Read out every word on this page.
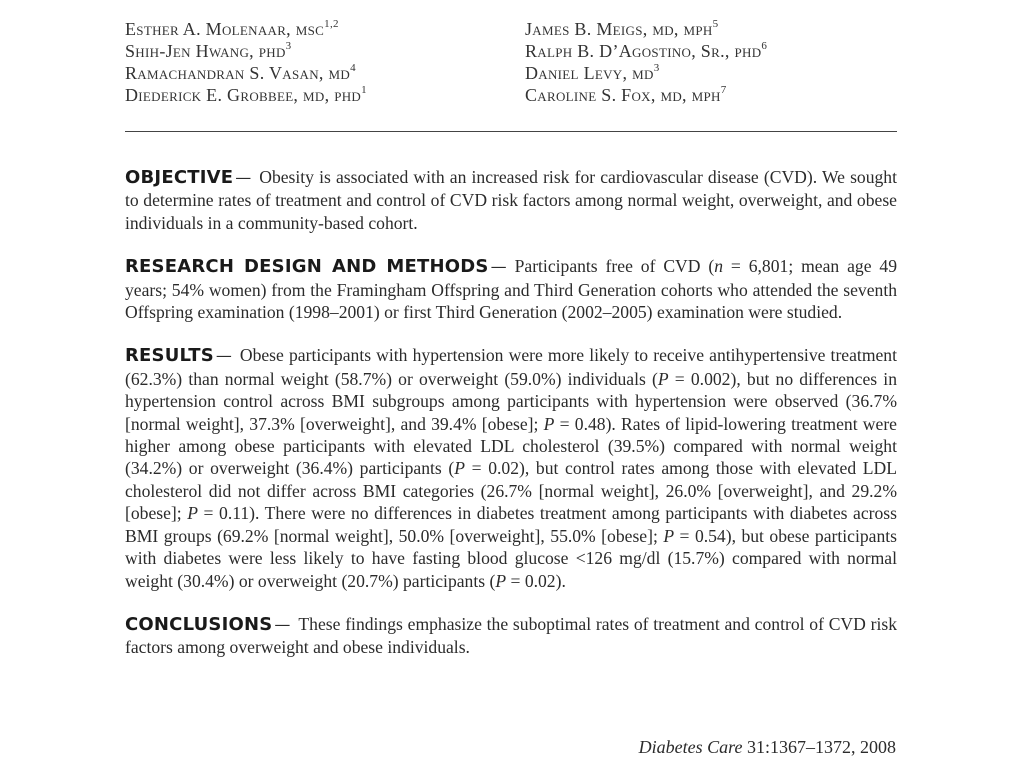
Esther A. Molenaar, msc$^{1,2}$
Shih-Jen Hwang, phd$^3$
Ramachandran S. Vasan, $md^4$
Diederick E. Grobbee, md, phd$^1$
James B. Meigs, md, mph$^5$
Ralph B. D’Agostino, Sr., phd$^6$
Daniel Levy, $md^3$
Caroline S. Fox, md, mph$^7$

OBJECTIVE — Obesity is associated with an increased risk for cardiovascular disease (CVD). We sought to determine rates of treatment and control of CVD risk factors among normal weight, overweight, and obese individuals in a community-based cohort.

RESEARCH DESIGN AND METHODS — Participants free of CVD (n = 6,801; mean age 49 years; 54% women) from the Framingham Offspring and Third Generation cohorts who attended the seventh Offspring examination (1998–2001) or first Third Generation (2002–2005) examination were studied.

RESULTS — Obese participants with hypertension were more likely to receive antihypertensive treatment (62.3%) than normal weight (58.7%) or overweight (59.0%) individuals (P = 0.002), but no differences in hypertension control across BMI subgroups among participants with hypertension were observed (36.7% [normal weight], 37.3% [overweight], and 39.4% [obese]; P = 0.48). Rates of lipid-lowering treatment were higher among obese participants with elevated LDL cholesterol (39.5%) compared with normal weight (34.2%) or overweight (36.4%) participants (P = 0.02), but control rates among those with elevated LDL cholesterol did not differ across BMI categories (26.7% [normal weight], 26.0% [overweight], and 29.2% [obese]; P = 0.11). There were no differences in diabetes treatment among participants with diabetes across BMI groups (69.2% [normal weight], 50.0% [overweight], 55.0% [obese]; P = 0.54), but obese participants with diabetes were less likely to have fasting blood glucose <126 mg/dl (15.7%) compared with normal weight (30.4%) or overweight (20.7%) participants (P = 0.02).

CONCLUSIONS — These findings emphasize the suboptimal rates of treatment and control of CVD risk factors among overweight and obese individuals.

Diabetes Care 31:1367–1372, 2008
